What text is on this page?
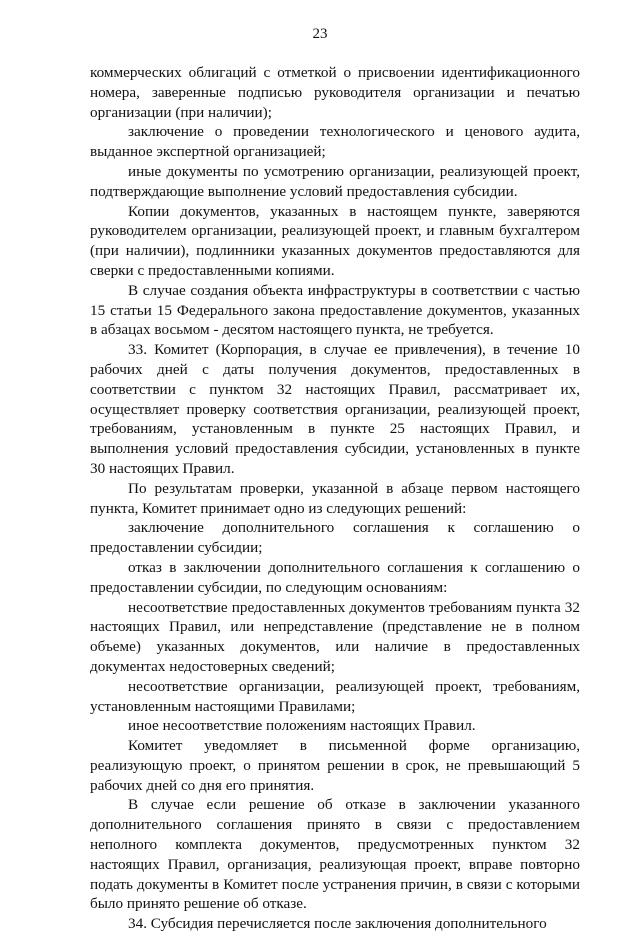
23

коммерческих облигаций с отметкой о присвоении идентификационного номера, заверенные подписью руководителя организации и печатью организации (при наличии);

заключение о проведении технологического и ценового аудита, выданное экспертной организацией;

иные документы по усмотрению организации, реализующей проект, подтверждающие выполнение условий предоставления субсидии.

Копии документов, указанных в настоящем пункте, заверяются руководителем организации, реализующей проект, и главным бухгалтером (при наличии), подлинники указанных документов предоставляются для сверки с предоставленными копиями.

В случае создания объекта инфраструктуры в соответствии с частью 15 статьи 15 Федерального закона предоставление документов, указанных в абзацах восьмом - десятом настоящего пункта, не требуется.

33. Комитет (Корпорация, в случае ее привлечения), в течение 10 рабочих дней с даты получения документов, предоставленных в соответствии с пунктом 32 настоящих Правил, рассматривает их, осуществляет проверку соответствия организации, реализующей проект, требованиям, установленным в пункте 25 настоящих Правил, и выполнения условий предоставления субсидии, установленных в пункте 30 настоящих Правил.

По результатам проверки, указанной в абзаце первом настоящего пункта, Комитет принимает одно из следующих решений:

заключение дополнительного соглашения к соглашению о предоставлении субсидии;

отказ в заключении дополнительного соглашения к соглашению о предоставлении субсидии, по следующим основаниям:

несоответствие предоставленных документов требованиям пункта 32 настоящих Правил, или непредставление (представление не в полном объеме) указанных документов, или наличие в предоставленных документах недостоверных сведений;

несоответствие организации, реализующей проект, требованиям, установленным настоящими Правилами;

иное несоответствие положениям настоящих Правил.

Комитет уведомляет в письменной форме организацию, реализующую проект, о принятом решении в срок, не превышающий 5 рабочих дней со дня его принятия.

В случае если решение об отказе в заключении указанного дополнительного соглашения принято в связи с предоставлением неполного комплекта документов, предусмотренных пунктом 32 настоящих Правил, организация, реализующая проект, вправе повторно подать документы в Комитет после устранения причин, в связи с которыми было принято решение об отказе.

34. Субсидия перечисляется после заключения дополнительного
